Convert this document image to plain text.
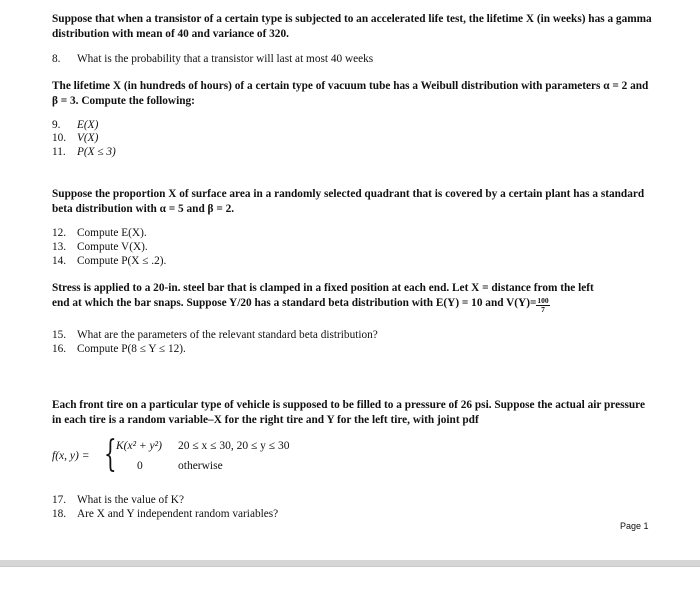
Suppose that when a transistor of a certain type is subjected to an accelerated life test, the lifetime X (in weeks) has a gamma distribution with mean of 40 and variance of 320.
8. What is the probability that a transistor will last at most 40 weeks
The lifetime X (in hundreds of hours) of a certain type of vacuum tube has a Weibull distribution with parameters α = 2 and β = 3. Compute the following:
9. E(X)
10. V(X)
11. P(X ≤ 3)
Suppose the proportion X of surface area in a randomly selected quadrant that is covered by a certain plant has a standard beta distribution with α = 5 and β = 2.
12. Compute E(X).
13. Compute V(X).
14. Compute P(X ≤ .2).
Stress is applied to a 20-in. steel bar that is clamped in a fixed position at each end. Let X = distance from the left
end at which the bar snaps. Suppose Y/20 has a standard beta distribution with E(Y) = 10 and $V(Y)= \frac{100}{7}$
15. What are the parameters of the relevant standard beta distribution?
16. Compute P(8 ≤ Y ≤ 12).
Each front tire on a particular type of vehicle is supposed to be filled to a pressure of 26 psi. Suppose the actual air pressure in each tire is a random variable–X for the right tire and Y for the left tire, with joint pdf
f(x, y) = { K(x² + y²) 20 ≤ x ≤ 30, 20 ≤ y ≤ 30
0	otherwise
17. What is the value of K?
18. Are X and Y independent random variables?
Page 1
